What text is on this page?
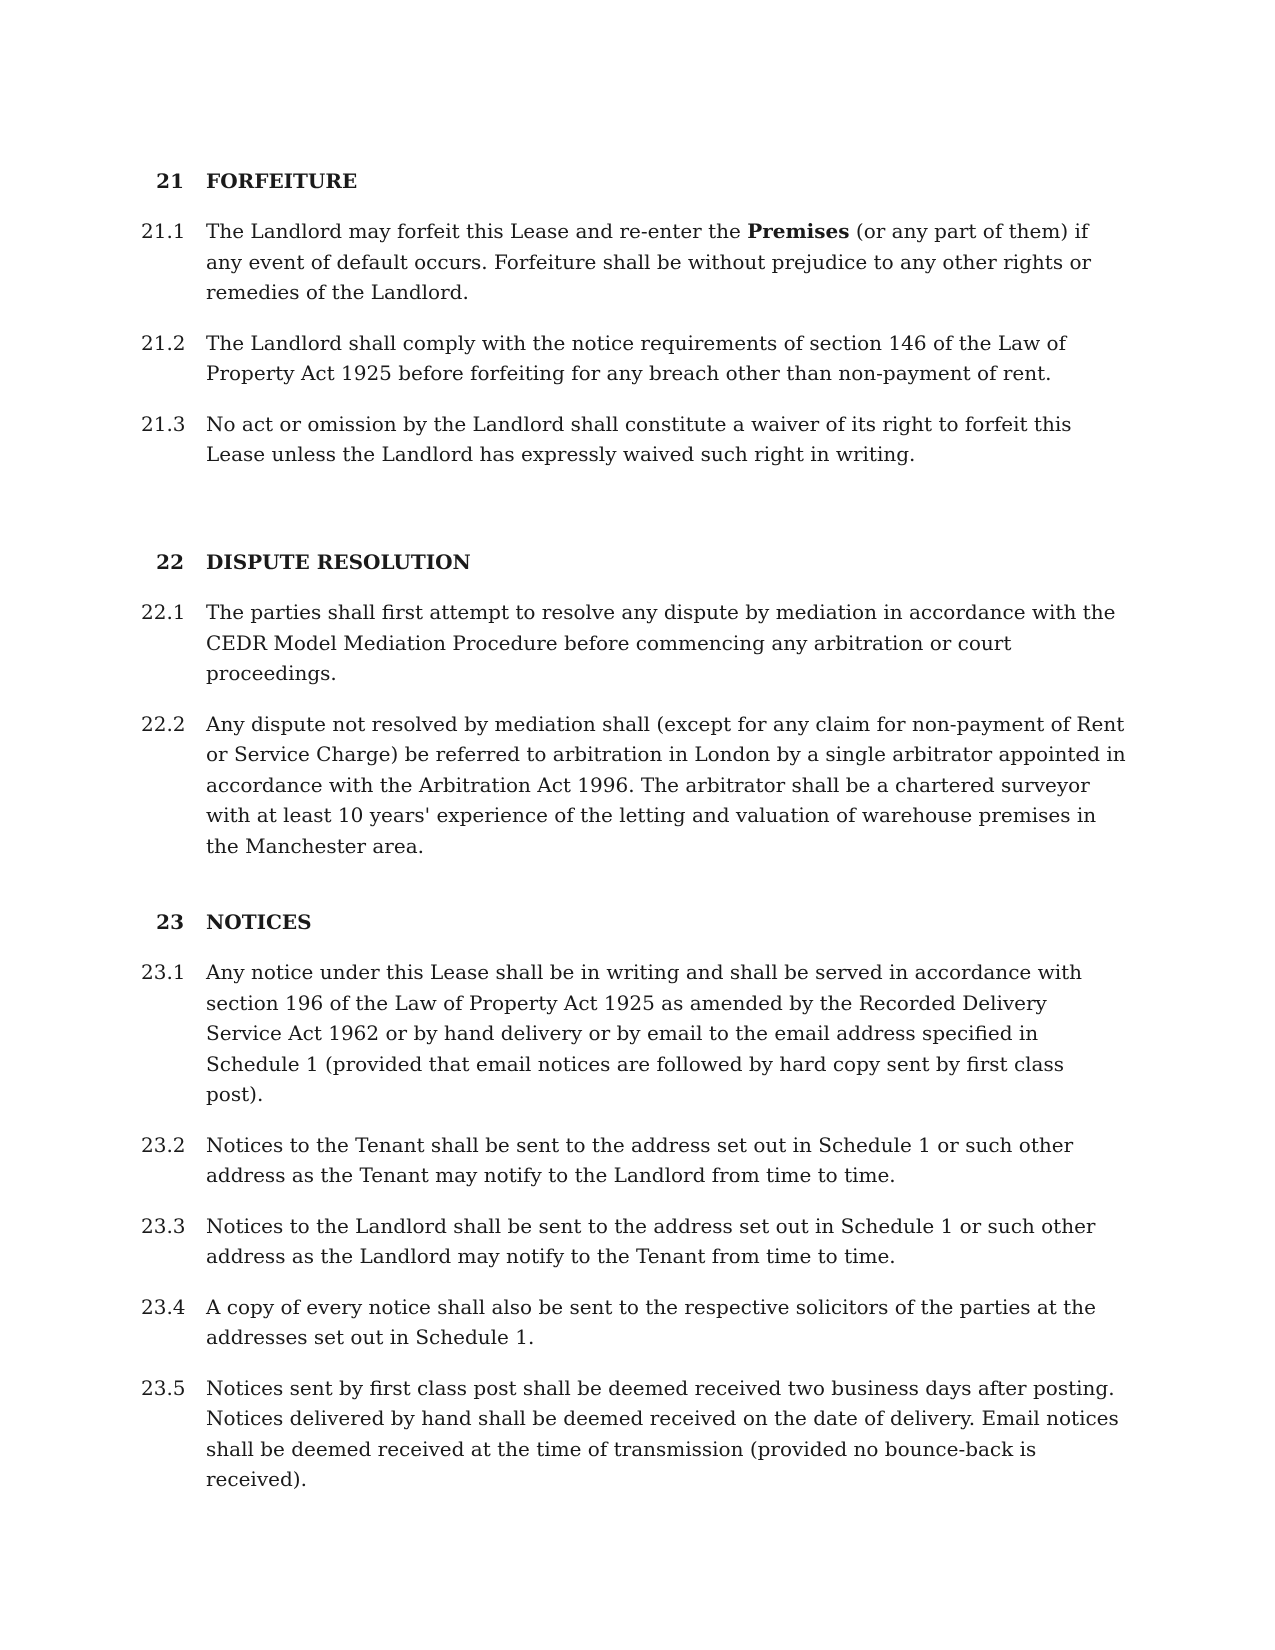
21 FORFEITURE
21.1 The Landlord may forfeit this Lease and re-enter the Premises (or any part of them) if any event of default occurs. Forfeiture shall be without prejudice to any other rights or remedies of the Landlord.
21.2 The Landlord shall comply with the notice requirements of section 146 of the Law of Property Act 1925 before forfeiting for any breach other than non-payment of rent.
21.3 No act or omission by the Landlord shall constitute a waiver of its right to forfeit this Lease unless the Landlord has expressly waived such right in writing.
22 DISPUTE RESOLUTION
22.1 The parties shall first attempt to resolve any dispute by mediation in accordance with the CEDR Model Mediation Procedure before commencing any arbitration or court proceedings.
22.2 Any dispute not resolved by mediation shall (except for any claim for non-payment of Rent or Service Charge) be referred to arbitration in London by a single arbitrator appointed in accordance with the Arbitration Act 1996. The arbitrator shall be a chartered surveyor with at least 10 years' experience of the letting and valuation of warehouse premises in the Manchester area.
23 NOTICES
23.1 Any notice under this Lease shall be in writing and shall be served in accordance with section 196 of the Law of Property Act 1925 as amended by the Recorded Delivery Service Act 1962 or by hand delivery or by email to the email address specified in Schedule 1 (provided that email notices are followed by hard copy sent by first class post).
23.2 Notices to the Tenant shall be sent to the address set out in Schedule 1 or such other address as the Tenant may notify to the Landlord from time to time.
23.3 Notices to the Landlord shall be sent to the address set out in Schedule 1 or such other address as the Landlord may notify to the Tenant from time to time.
23.4 A copy of every notice shall also be sent to the respective solicitors of the parties at the addresses set out in Schedule 1.
23.5 Notices sent by first class post shall be deemed received two business days after posting. Notices delivered by hand shall be deemed received on the date of delivery. Email notices shall be deemed received at the time of transmission (provided no bounce-back is received).
